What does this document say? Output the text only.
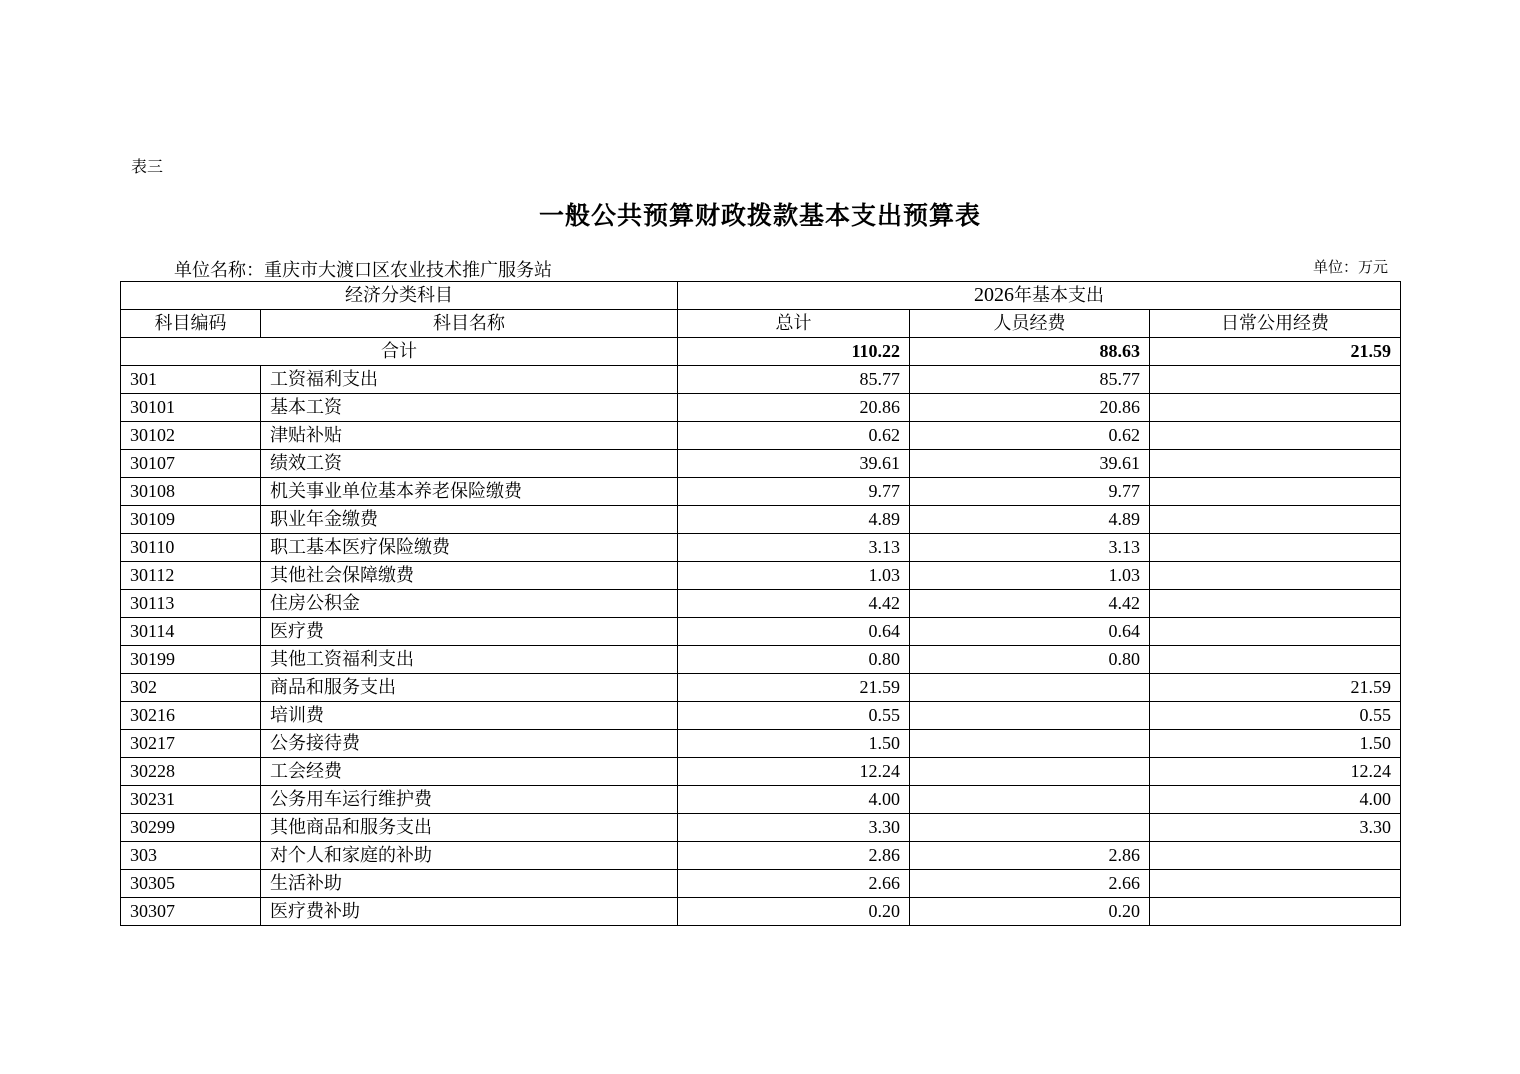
表三
一般公共预算财政拨款基本支出预算表
单位名称：重庆市大渡口区农业技术推广服务站	单位：万元
经济分类科目		2026年基本支出		
科目编码	科目名称	总计	人员经费	日常公用经费
合计		110.22	88.63	21.59
301	工资福利支出	85.77	85.77	
30101	基本工资	20.86	20.86	
30102	津贴补贴	0.62	0.62	
30107	绩效工资	39.61	39.61	
30108	机关事业单位基本养老保险缴费	9.77	9.77	
30109	职业年金缴费	4.89	4.89	
30110	职工基本医疗保险缴费	3.13	3.13	
30112	其他社会保障缴费	1.03	1.03	
30113	住房公积金	4.42	4.42	
30114	医疗费	0.64	0.64	
30199	其他工资福利支出	0.80	0.80	
302	商品和服务支出	21.59		21.59
30216	培训费	0.55		0.55
30217	公务接待费	1.50		1.50
30228	工会经费	12.24		12.24
30231	公务用车运行维护费	4.00		4.00
30299	其他商品和服务支出	3.30		3.30
303	对个人和家庭的补助	2.86	2.86	
30305	生活补助	2.66	2.66	
30307	医疗费补助	0.20	0.20	
